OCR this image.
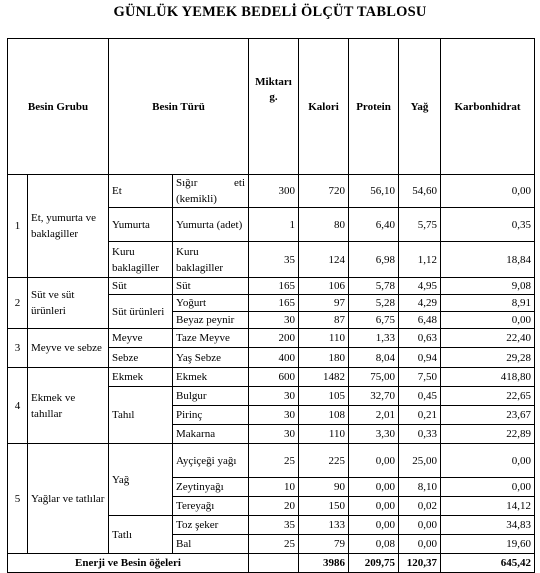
GÜNLÜK YEMEK BEDELİ ÖLÇÜT TABLOSU
Besin Grubu		Besin Türü		Miktarı g.	Kalori	Protein	Yağ	Karbonhidrat
1	Et, yumurta ve baklagiller	Et	Sığır eti (kemikli)	300	720	56,10	54,60	0,00
		Yumurta	Yumurta (adet)	1	80	6,40	5,75	0,35
		Kuru baklagiller	Kuru baklagiller	35	124	6,98	1,12	18,84
2	Süt ve süt ürünleri	Süt	Süt	165	106	5,78	4,95	9,08
		Süt ürünleri	Yoğurt	165	97	5,28	4,29	8,91
			Beyaz peynir	30	87	6,75	6,48	0,00
3	Meyve ve sebze	Meyve	Taze Meyve	200	110	1,33	0,63	22,40
		Sebze	Yaş Sebze	400	180	8,04	0,94	29,28
4	Ekmek ve tahıllar	Ekmek	Ekmek	600	1482	75,00	7,50	418,80
		Tahıl	Bulgur	30	105	32,70	0,45	22,65
			Pirinç	30	108	2,01	0,21	23,67
			Makarna	30	110	3,30	0,33	22,89
5	Yağlar ve tatlılar	Yağ	Ayçiçeği yağı	25	225	0,00	25,00	0,00
			Zeytinyağı	10	90	0,00	8,10	0,00
			Tereyağı	20	150	0,00	0,02	14,12
		Tatlı	Toz şeker	35	133	0,00	0,00	34,83
			Bal	25	79	0,08	0,00	19,60
Enerji ve Besin öğeleri					3986	209,75	120,37	645,42
